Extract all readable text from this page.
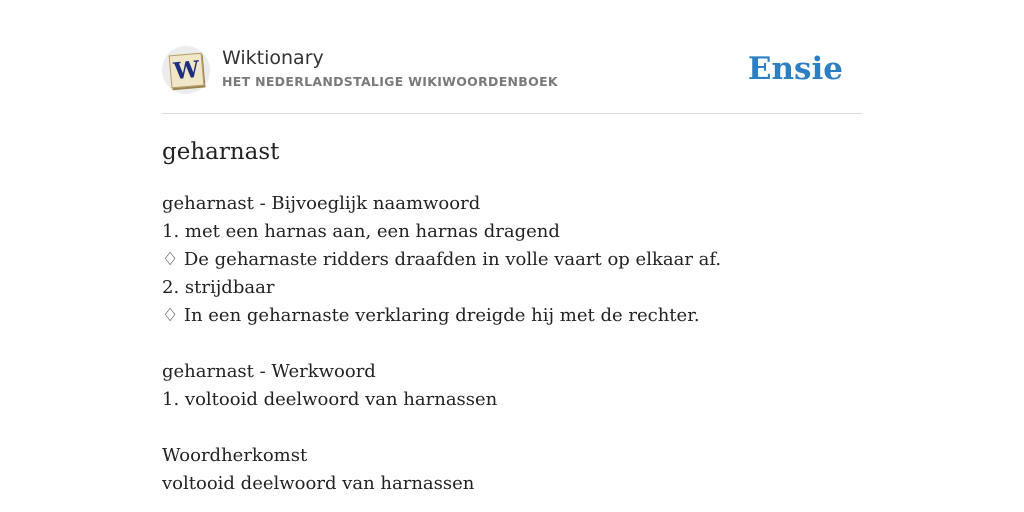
W Wiktionary
HET NEDERLANDSTALIGE WIKIWOORDENBOEK	Ensie
geharnast
geharnast - Bijvoeglijk naamwoord
1. met een harnas aan, een harnas dragend
♢ De geharnaste ridders draafden in volle vaart op elkaar af.
2. strijdbaar
♢ In een geharnaste verklaring dreigde hij met de rechter.
geharnast - Werkwoord
1. voltooid deelwoord van harnassen
Woordherkomst
voltooid deelwoord van harnassen
